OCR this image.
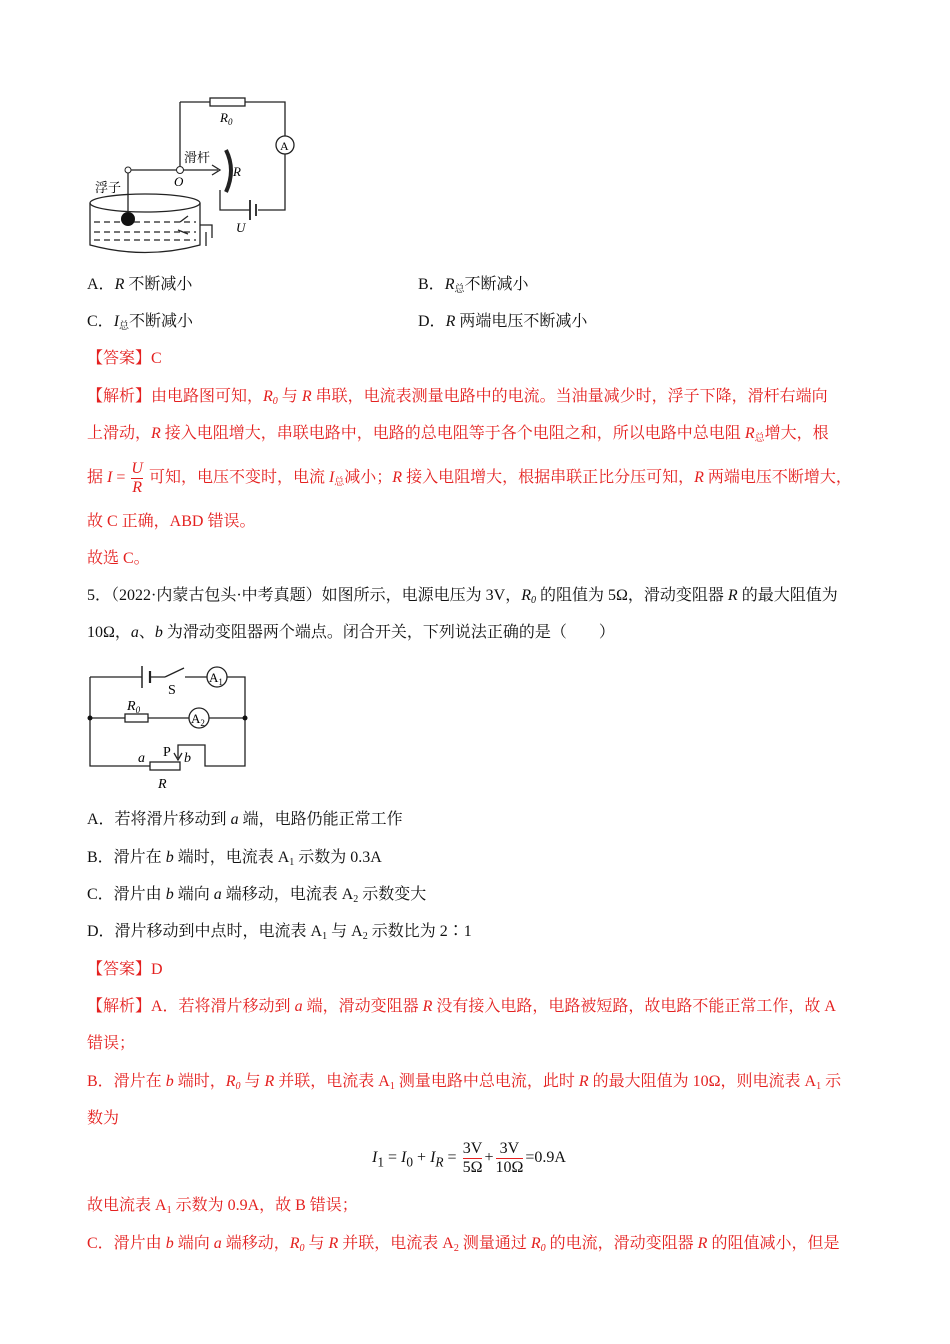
$R_0$
A
滑杆
O
R
浮子
U
S
$A_1$
$R_0$
$A_2$
a P b
R
A．R 不断减小	B．$R_总$不断减小
C．$I_总$不断减小	D．R 两端电压不断减小
【答案】C
【解析】由电路图可知，$R_0$ 与 R 串联，电流表测量电路中的电流。当油量减少时，浮子下降，滑杆右端向
上滑动，R 接入电阻增大，串联电路中，电路的总电阻等于各个电阻之和，所以电路中总电阻 $R_总$增大，根
据 $I = \frac{U}{R}$ 可知，电压不变时，电流 $I_总$减小；R 接入电阻增大，根据串联正比分压可知，R 两端电压不断增大，
故 C 正确，ABD 错误。
故选 C。
5．（2022·内蒙古包头·中考真题）如图所示，电源电压为 3V，$R_0$ 的阻值为 5Ω，滑动变阻器 R 的最大阻值为
10Ω，a、b 为滑动变阻器两个端点。闭合开关，下列说法正确的是（　　）
A．若将滑片移动到 a 端，电路仍能正常工作
B．滑片在 b 端时，电流表 $A_1$ 示数为 0.3A
C．滑片由 b 端向 a 端移动，电流表 $A_2$ 示数变大
D．滑片移动到中点时，电流表 $A_1$ 与 $A_2$ 示数比为 2∶1
【答案】D
【解析】A．若将滑片移动到 a 端，滑动变阻器 R 没有接入电路，电路被短路，故电路不能正常工作，故 A
错误；
B．滑片在 b 端时，$R_0$ 与 R 并联，电流表 $A_1$ 测量电路中总电流，此时 R 的最大阻值为 10Ω，则电流表 $A_1$ 示
数为
故电流表 $A_1$ 示数为 0.9A，故 B 错误；
C．滑片由 b 端向 a 端移动，$R_0$ 与 R 并联，电流表 $A_2$ 测量通过 $R_0$ 的电流，滑动变阻器 R 的阻值减小，但是
$I_1 = I_0 + I_R = \frac{3V}{5\Omega} + \frac{3V}{10\Omega} =0.9A$
